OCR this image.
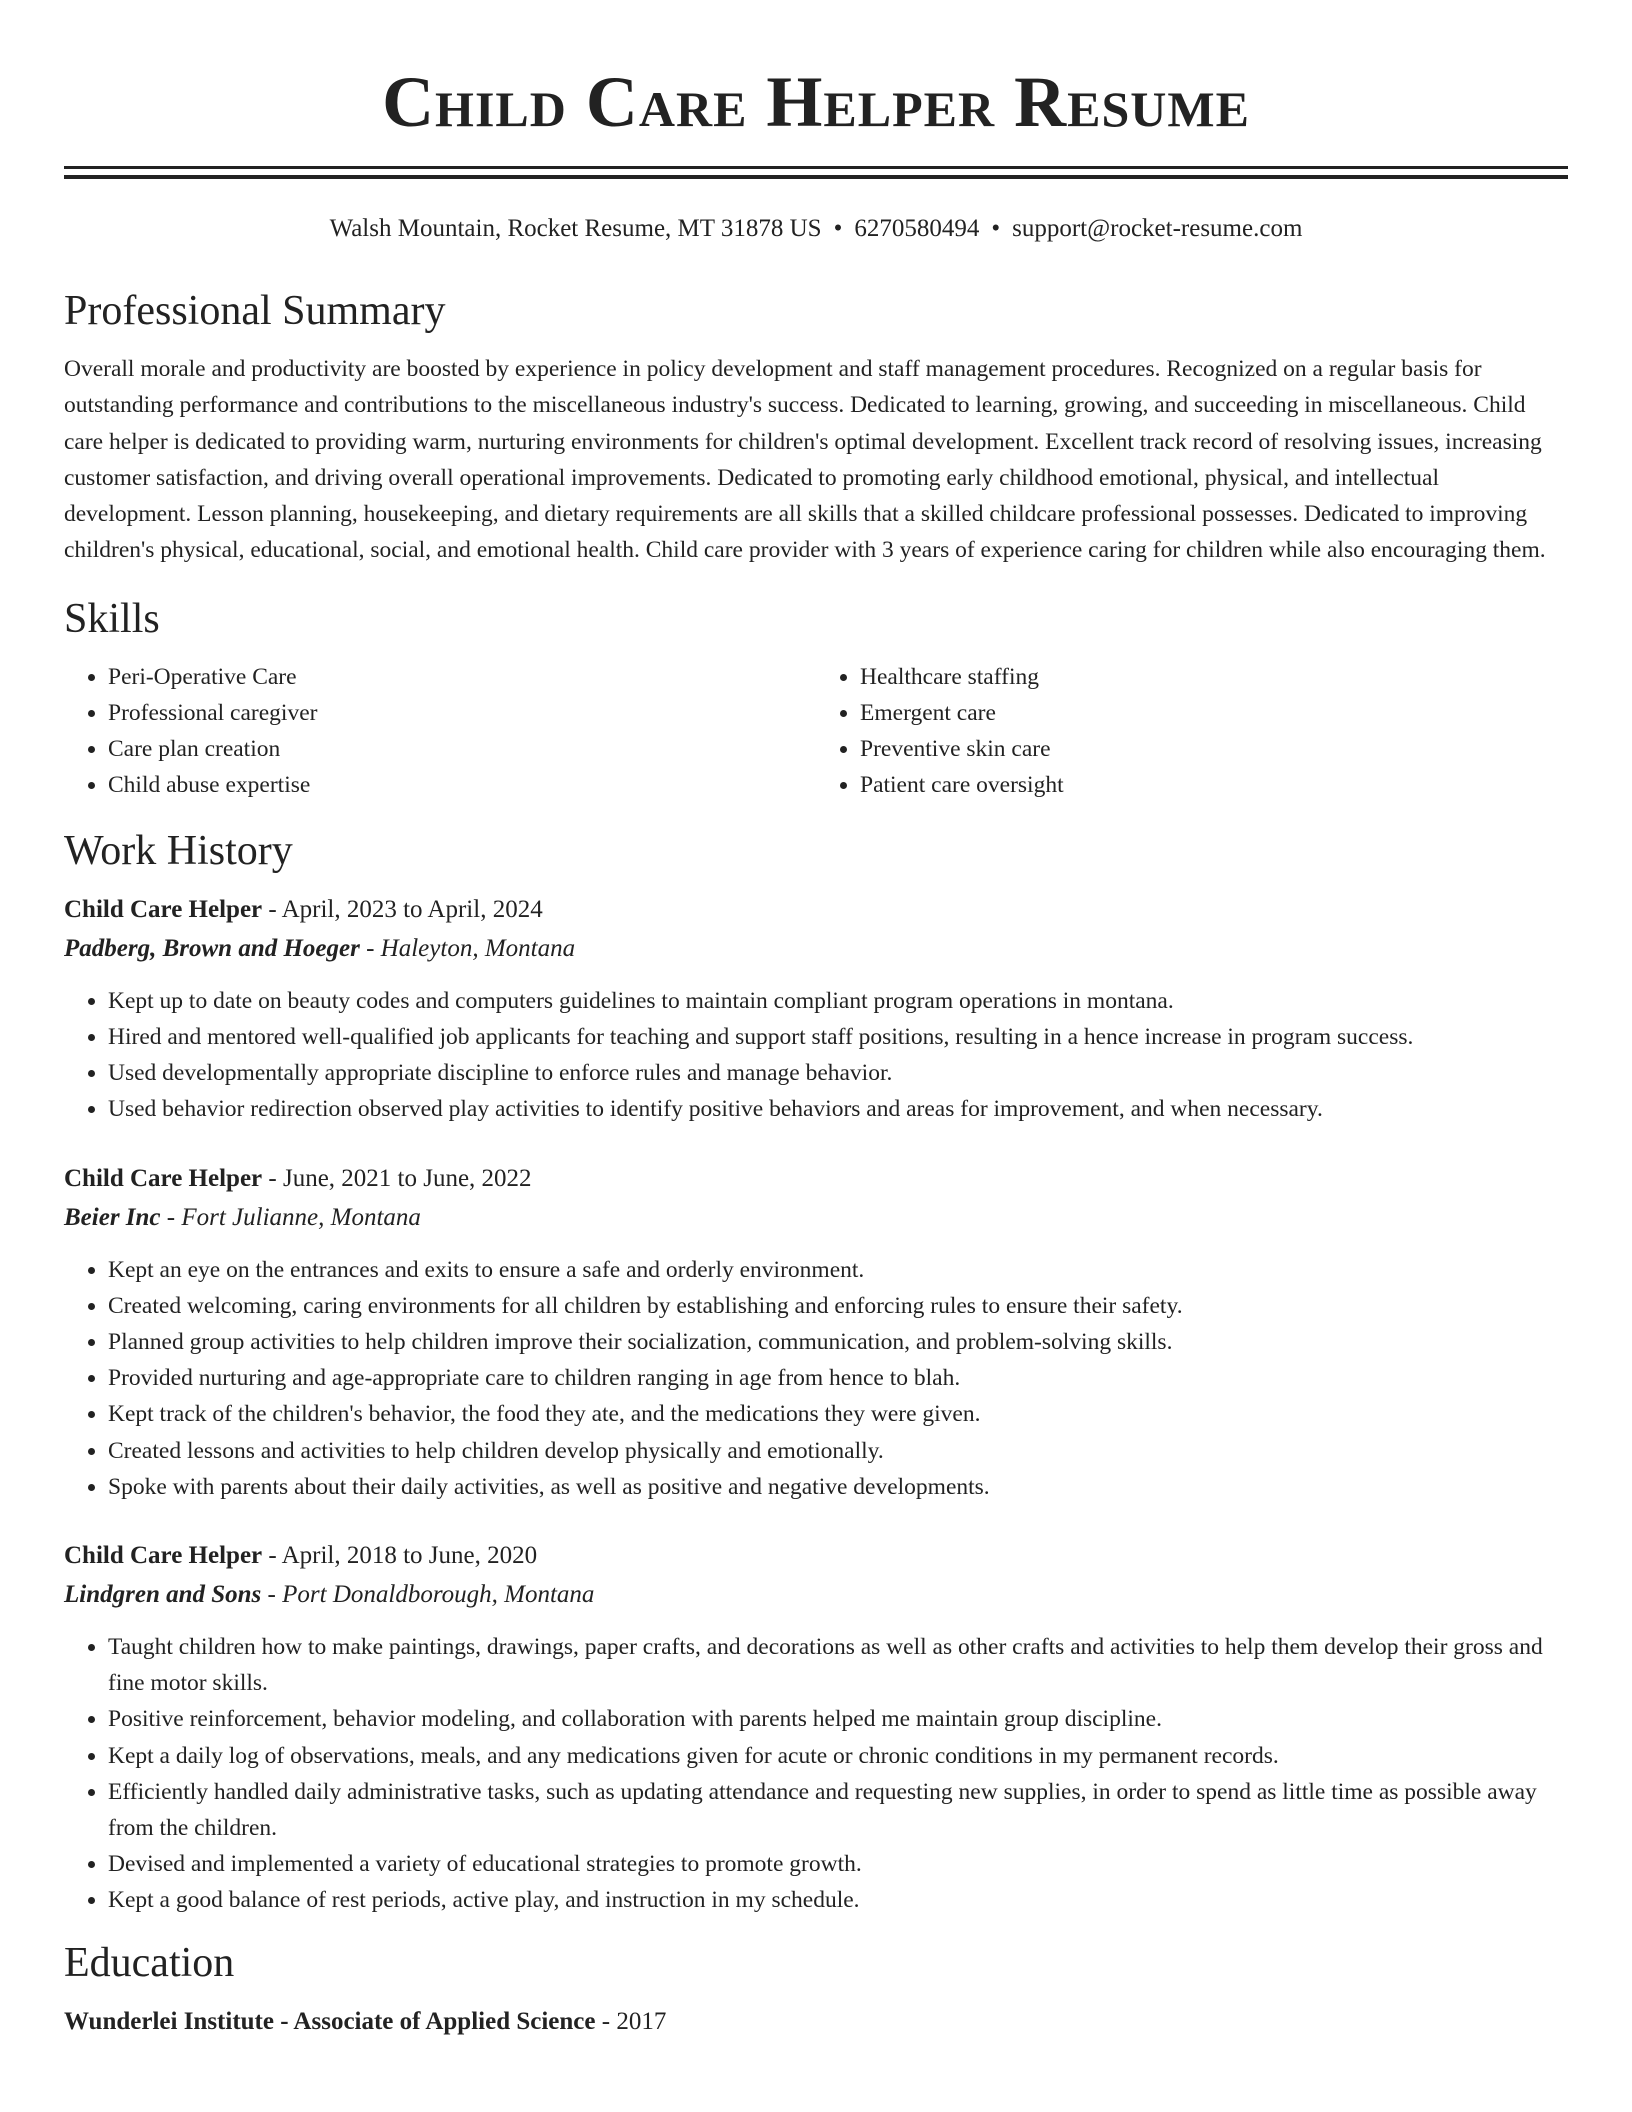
Child Care Helper Resume
Walsh Mountain, Rocket Resume, MT 31878 US • 6270580494 • support@rocket-resume.com
Professional Summary

Overall morale and productivity are boosted by experience in policy development and staff management procedures. Recognized on a regular basis for outstanding performance and contributions to the miscellaneous industry's success. Dedicated to learning, growing, and succeeding in miscellaneous. Child care helper is dedicated to providing warm, nurturing environments for children's optimal development. Excellent track record of resolving issues, increasing customer satisfaction, and driving overall operational improvements. Dedicated to promoting early childhood emotional, physical, and intellectual development. Lesson planning, housekeeping, and dietary requirements are all skills that a skilled childcare professional possesses. Dedicated to improving children's physical, educational, social, and emotional health. Child care provider with 3 years of experience caring for children while also encouraging them.

Skills
• Peri-Operative Care
• Professional caregiver
• Care plan creation
• Child abuse expertise
• Healthcare staffing
• Emergent care
• Preventive skin care
• Patient care oversight
Work History
Child Care Helper - April, 2023 to April, 2024
Padberg, Brown and Hoeger - Haleyton, Montana
• Kept up to date on beauty codes and computers guidelines to maintain compliant program operations in montana.
• Hired and mentored well-qualified job applicants for teaching and support staff positions, resulting in a hence increase in program success.
• Used developmentally appropriate discipline to enforce rules and manage behavior.
• Used behavior redirection observed play activities to identify positive behaviors and areas for improvement, and when necessary.
Child Care Helper - June, 2021 to June, 2022
Beier Inc - Fort Julianne, Montana
• Kept an eye on the entrances and exits to ensure a safe and orderly environment.
• Created welcoming, caring environments for all children by establishing and enforcing rules to ensure their safety.
• Planned group activities to help children improve their socialization, communication, and problem-solving skills.
• Provided nurturing and age-appropriate care to children ranging in age from hence to blah.
• Kept track of the children's behavior, the food they ate, and the medications they were given.
• Created lessons and activities to help children develop physically and emotionally.
• Spoke with parents about their daily activities, as well as positive and negative developments.
Child Care Helper - April, 2018 to June, 2020
Lindgren and Sons - Port Donaldborough, Montana
• Taught children how to make paintings, drawings, paper crafts, and decorations as well as other crafts and activities to help them develop their gross and fine motor skills.
• Positive reinforcement, behavior modeling, and collaboration with parents helped me maintain group discipline.
• Kept a daily log of observations, meals, and any medications given for acute or chronic conditions in my permanent records.
• Efficiently handled daily administrative tasks, such as updating attendance and requesting new supplies, in order to spend as little time as possible away from the children.
• Devised and implemented a variety of educational strategies to promote growth.
• Kept a good balance of rest periods, active play, and instruction in my schedule.
Education
Wunderlei Institute - Associate of Applied Science - 2017
